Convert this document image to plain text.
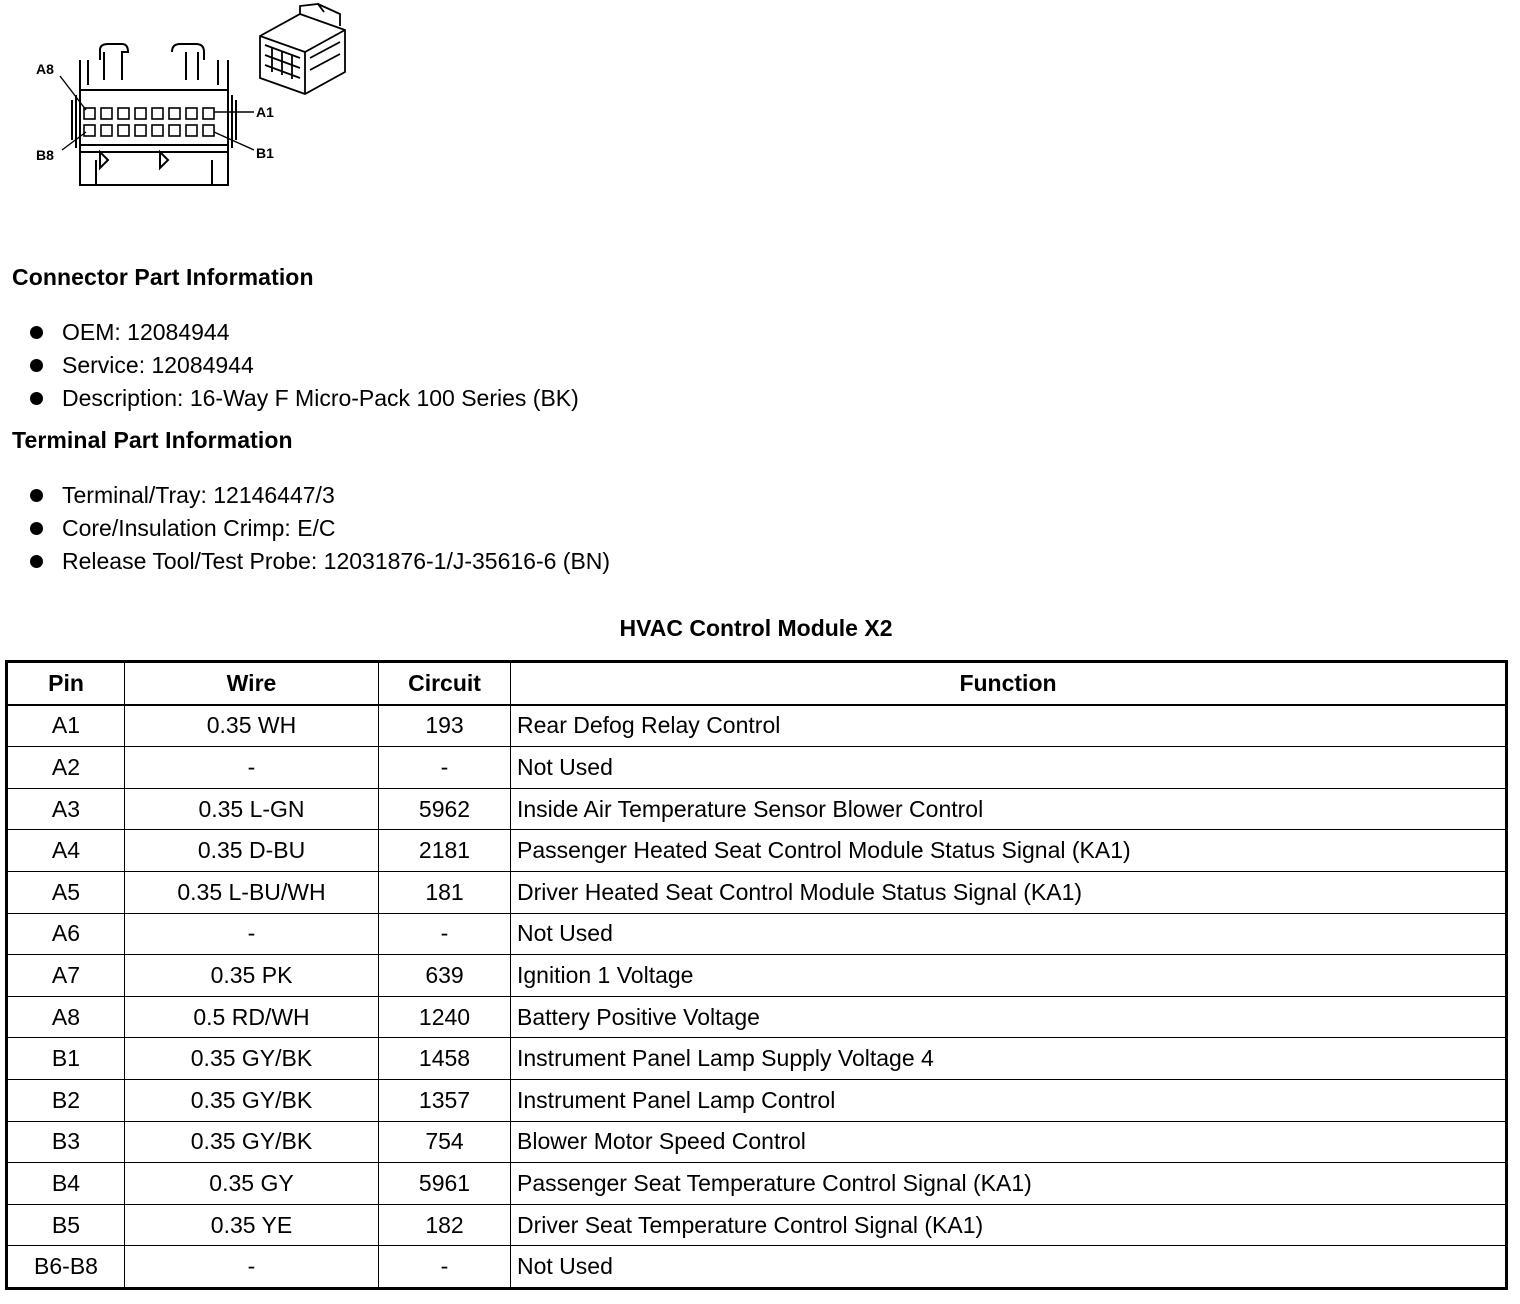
A8
A1
B8	B1
Connector Part Information
OEM: 12084944
Service: 12084944
Description: 16-Way F Micro-Pack 100 Series (BK)
Terminal Part Information
Terminal/Tray: 12146447/3
Core/Insulation Crimp: E/C
Release Tool/Test Probe: 12031876-1/J-35616-6 (BN)
HVAC Control Module X2
Pin	Wire	Circuit	Function
A1	0.35 WH	193	Rear Defog Relay Control
A2	-	-	Not Used
A3	0.35 L-GN	5962	Inside Air Temperature Sensor Blower Control
A4	0.35 D-BU	2181	Passenger Heated Seat Control Module Status Signal (KA1)
A5	0.35 L-BU/WH	181	Driver Heated Seat Control Module Status Signal (KA1)
A6	-	-	Not Used
A7	0.35 PK	639	Ignition 1 Voltage
A8	0.5 RD/WH	1240	Battery Positive Voltage
B1	0.35 GY/BK	1458	Instrument Panel Lamp Supply Voltage 4
B2	0.35 GY/BK	1357	Instrument Panel Lamp Control
B3	0.35 GY/BK	754	Blower Motor Speed Control
B4	0.35 GY	5961	Passenger Seat Temperature Control Signal (KA1)
B5	0.35 YE	182	Driver Seat Temperature Control Signal (KA1)
B6-B8	-	-	Not Used
